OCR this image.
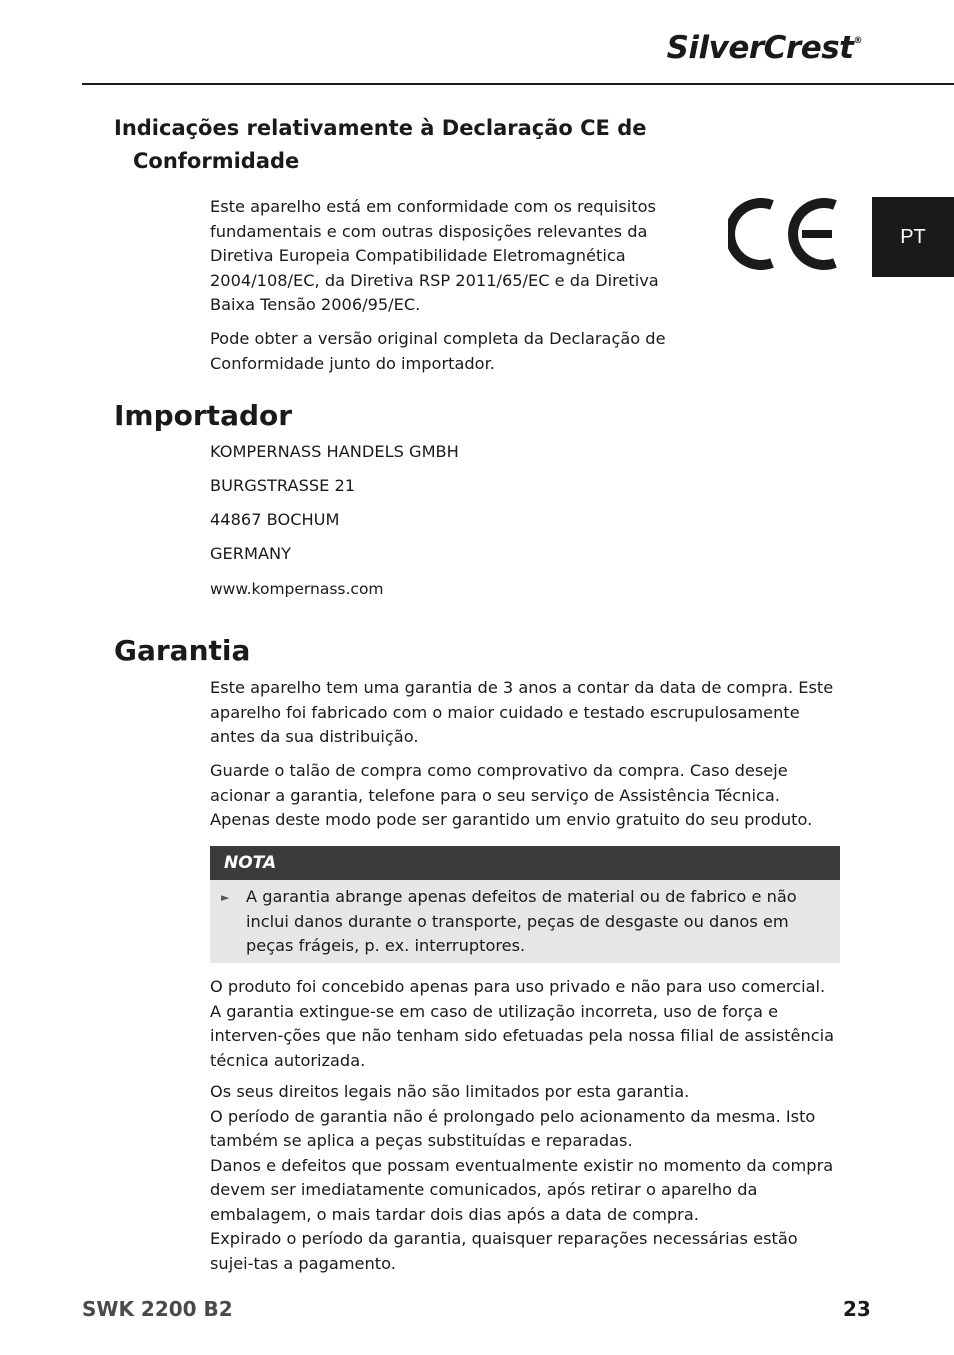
SilverCrest®
PT
Indicações relativamente à Declaração CE de
Conformidade

Este aparelho está em conformidade com os requisitos fundamentais e com outras disposições relevantes da Diretiva Europeia Compatibilidade Eletromagnética 2004/108/EC, da Diretiva RSP 2011/65/EC e da Diretiva Baixa Tensão 2006/95/EC.

Pode obter a versão original completa da Declaração de Conformidade junto do importador.

Importador

KOMPERNASS HANDELS GMBH

BURGSTRASSE 21

44867 BOCHUM

GERMANY

www.kompernass.com

Garantia

Este aparelho tem uma garantia de 3 anos a contar da data de compra. Este aparelho foi fabricado com o maior cuidado e testado escrupulosamente antes da sua distribuição.

Guarde o talão de compra como comprovativo da compra. Caso deseje acionar a garantia, telefone para o seu serviço de Assistência Técnica. Apenas deste modo pode ser garantido um envio gratuito do seu produto.

NOTA
► A garantia abrange apenas defeitos de material ou de fabrico e não inclui danos durante o transporte, peças de desgaste ou danos em peças frágeis, p. ex. interruptores.

O produto foi concebido apenas para uso privado e não para uso comercial. A garantia extingue-se em caso de utilização incorreta, uso de força e interven-ções que não tenham sido efetuadas pela nossa filial de assistência técnica autorizada.

Os seus direitos legais não são limitados por esta garantia.
O período de garantia não é prolongado pelo acionamento da mesma. Isto também se aplica a peças substituídas e reparadas.
Danos e defeitos que possam eventualmente existir no momento da compra devem ser imediatamente comunicados, após retirar o aparelho da embalagem, o mais tardar dois dias após a data de compra.
Expirado o período da garantia, quaisquer reparações necessárias estão sujei-tas a pagamento.
SWK 2200 B2	23
